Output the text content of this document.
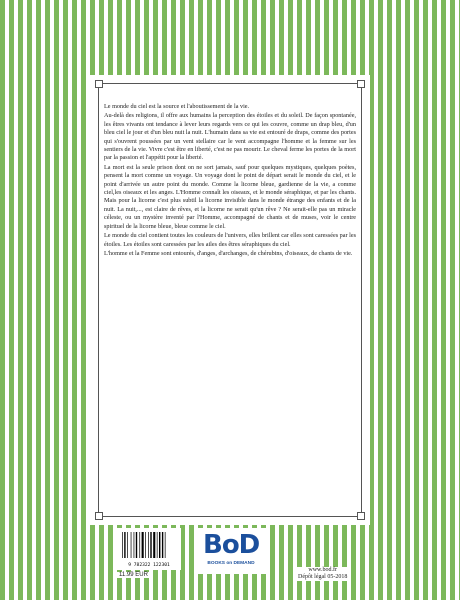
Le monde du ciel est la source et l'aboutissement de la vie.

Au-delà des religions, il offre aux humains la perception des étoiles et du soleil. De façon spontanée, les êtres vivants ont tendance à lever leurs regards vers ce qui les couvre, comme un drap bleu, d'un bleu ciel le jour et d'un bleu nuit la nuit. L'humain dans sa vie est entouré de draps, comme des portes qui s'ouvrent poussées par un vent stellaire car le vent accompagne l'homme et la femme sur les sentiers de la vie. Vivre c'est être en liberté, c'est ne pas mourir. Le cheval ferme les portes de la mort par la passion et l'appétit pour la liberté.

La mort est la seule prison dont on ne sort jamais, sauf pour quelques mystiques, quelques poètes, pensent la mort comme un voyage. Un voyage dont le point de départ serait le monde du ciel, et le point d'arrivée un autre point du monde. Comme la licorne bleue, gardienne de la vie, a comme ciel,les oiseaux et les anges. L'Homme connaît les oiseaux, et le monde séraphique, et par les chants. Mais pour la licorne c'est plus subtil la licorne invisible dans le monde étrange des enfants et de la nuit. La nuit,..., est claire de rêves, et la licorne ne serait qu'un rêve ? Ne serait-elle pas un miracle céleste, ou un mystère inventé par l'Homme, accompagné de chants et de muses, voir le centre spirituel de la licorne bleue, bleue comme le ciel.

Le monde du ciel contient toutes les couleurs de l'univers, elles brillent car elles sont caressées par les étoiles. Les étoiles sont caressées par les ailes des êtres séraphiques du ciel.

L'homme et la Femme sont entourés, d'anges, d'archanges, de chérubins, d'oiseaux, de chants de vie.

9 782322 122301
11.99 EUR
BoD
BOOKS on DEMAND
www.bod.fr
Dépôt légal 05-2018
